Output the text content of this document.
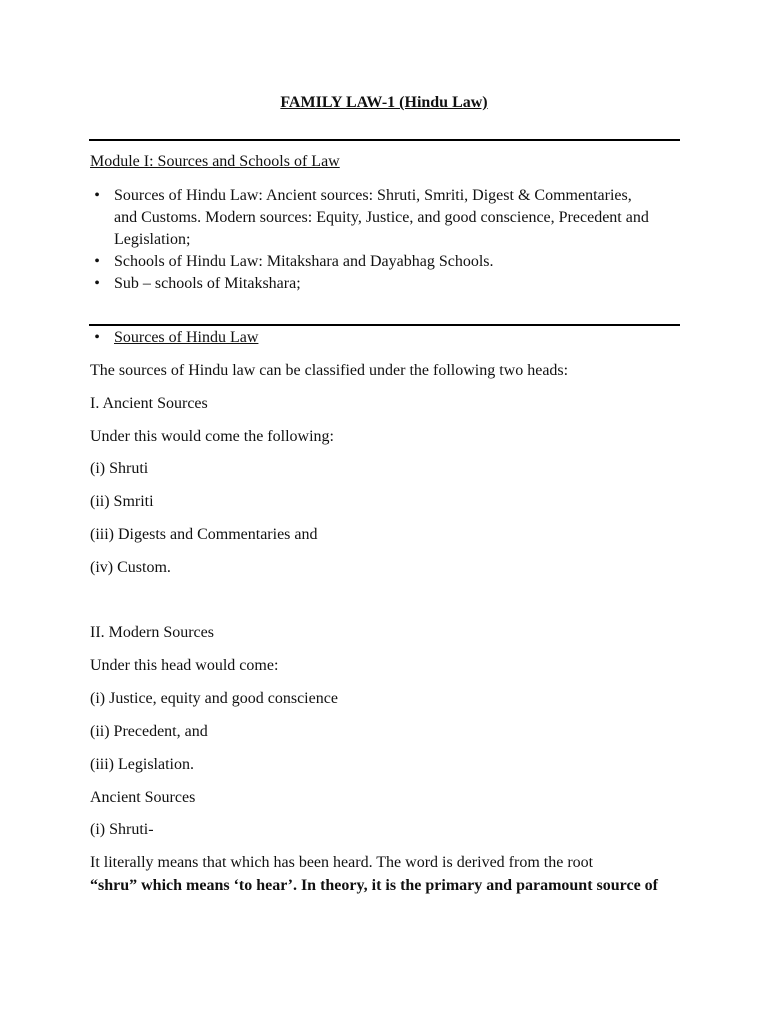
FAMILY LAW-1 (Hindu Law)
Module I: Sources and Schools of Law
• Sources of Hindu Law: Ancient sources: Shruti, Smriti, Digest & Commentaries, and Customs. Modern sources: Equity, Justice, and good conscience, Precedent and Legislation;
• Schools of Hindu Law: Mitakshara and Dayabhag Schools.
• Sub – schools of Mitakshara;
• Sources of Hindu Law
The sources of Hindu law can be classified under the following two heads:
I. Ancient Sources
Under this would come the following:
(i) Shruti
(ii) Smriti
(iii) Digests and Commentaries and
(iv) Custom.
II. Modern Sources
Under this head would come:
(i) Justice, equity and good conscience
(ii) Precedent, and
(iii) Legislation.
Ancient Sources
(i) Shruti-
It literally means that which has been heard. The word is derived from the root
“shru” which means ‘to hear’. In theory, it is the primary and paramount source of
